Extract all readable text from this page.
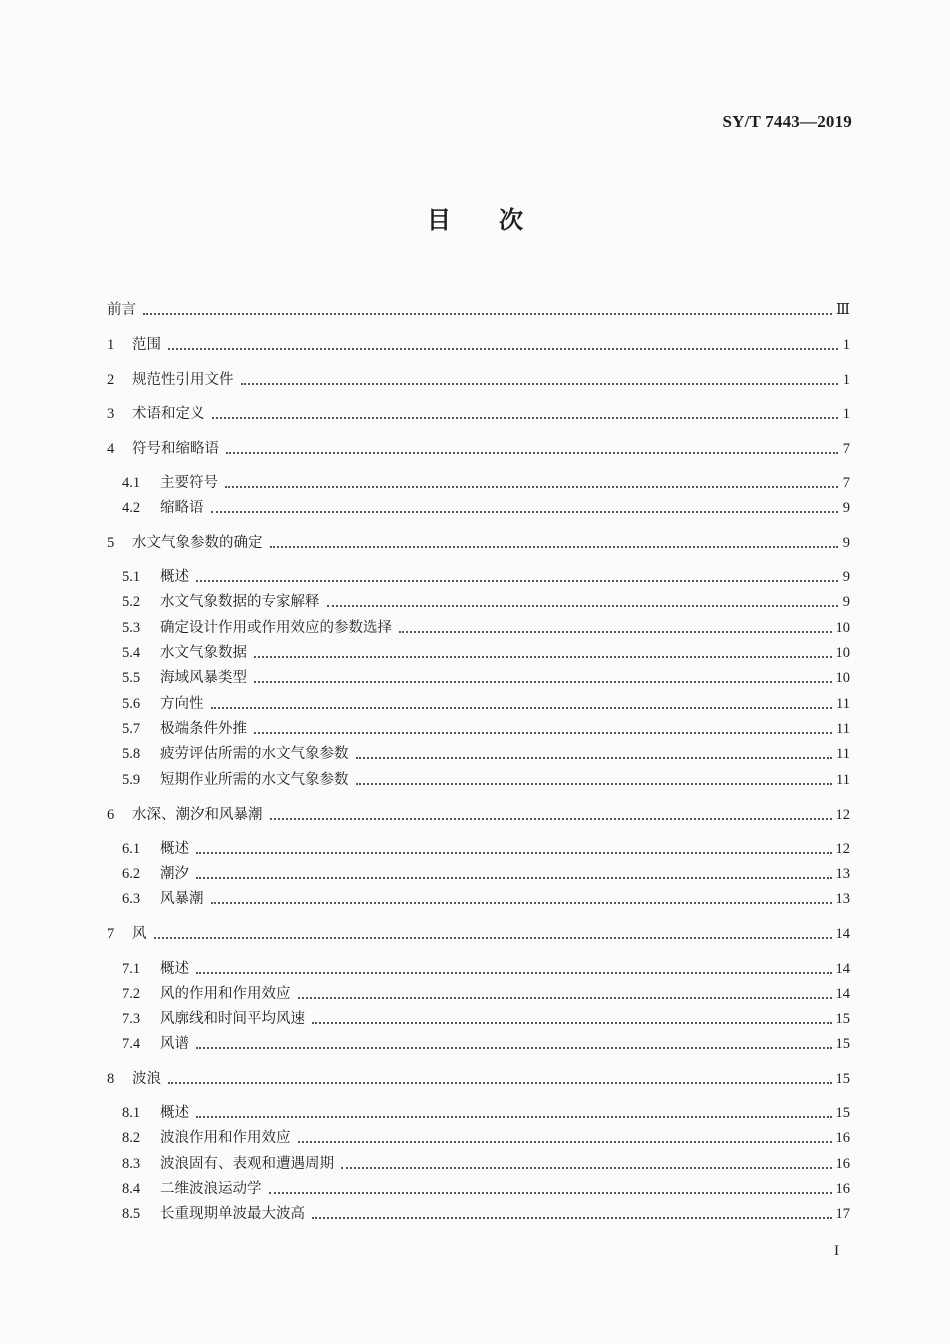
SY/T 7443—2019
目次
前言	Ⅲ
1	范围	1
2	规范性引用文件	1
3	术语和定义	1
4	符号和缩略语	7
4.1	主要符号	7
4.2	缩略语	9
5	水文气象参数的确定	9
5.1	概述	9
5.2	水文气象数据的专家解释	9
5.3	确定设计作用或作用效应的参数选择	10
5.4	水文气象数据	10
5.5	海域风暴类型	10
5.6	方向性	11
5.7	极端条件外推	11
5.8	疲劳评估所需的水文气象参数	11
5.9	短期作业所需的水文气象参数	11
6	水深、潮汐和风暴潮	12
6.1	概述	12
6.2	潮汐	13
6.3	风暴潮	13
7	风	14
7.1	概述	14
7.2	风的作用和作用效应	14
7.3	风廓线和时间平均风速	15
7.4	风谱	15
8	波浪	15
8.1	概述	15
8.2	波浪作用和作用效应	16
8.3	波浪固有、表观和遭遇周期	16
8.4	二维波浪运动学	16
8.5	长重现期单波最大波高	17
I
